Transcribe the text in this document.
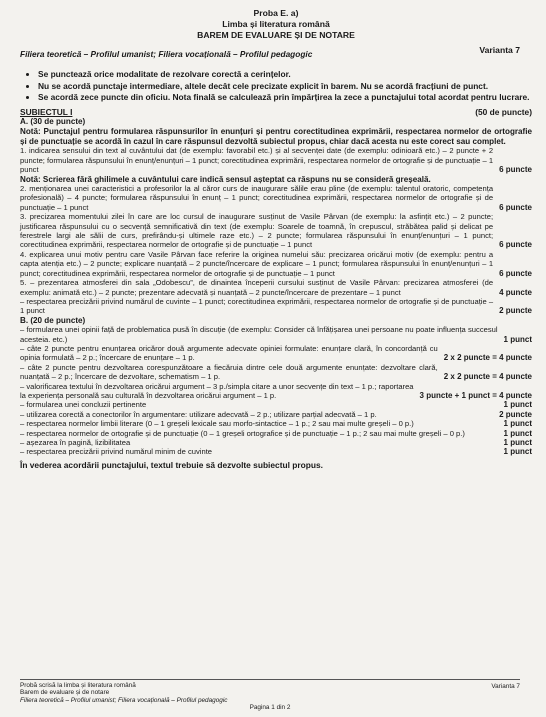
Proba E. a)
Limba și literatura română
BAREM DE EVALUARE ȘI DE NOTARE
Varianta 7
Filiera teoretică – Profilul umanist; Filiera vocațională – Profilul pedagogic
• Se punctează orice modalitate de rezolvare corectă a cerințelor.
• Nu se acordă punctaje intermediare, altele decât cele precizate explicit în barem. Nu se acordă fracțiuni de punct.
• Se acordă zece puncte din oficiu. Nota finală se calculează prin împărțirea la zece a punctajului total acordat pentru lucrare.
SUBIECTUL I	(50 de puncte)
A. (30 de puncte)
Notă: Punctajul pentru formularea răspunsurilor în enunțuri și pentru corectitudinea exprimării, respectarea normelor de ortografie și de punctuație se acordă în cazul în care răspunsul dezvoltă subiectul propus, chiar dacă acesta nu este corect sau complet.
1. indicarea sensului din text al cuvântului dat (de exemplu: favorabil etc.) și al secvenței date (de exemplu: odinioară etc.) – 2 puncte + 2 puncte; formularea răspunsului în enunț/enunțuri – 1 punct; corectitudinea exprimării, respectarea normelor de ortografie și de punctuație – 1 punct	6 puncte
Notă: Scrierea fără ghilimele a cuvântului care indică sensul așteptat ca răspuns nu se consideră greșeală.
2. menționarea unei caracteristici a profesorilor la al căror curs de inaugurare sălile erau pline (de exemplu: talentul oratoric, competența profesională) – 4 puncte; formularea răspunsului în enunț – 1 punct; corectitudinea exprimării, respectarea normelor de ortografie și de punctuație – 1 punct	6 puncte
3. precizarea momentului zilei în care are loc cursul de inaugurare susținut de Vasile Pârvan (de exemplu: la asfințit etc.) – 2 puncte; justificarea răspunsului cu o secvență semnificativă din text (de exemplu: Soarele de toamnă, în crepuscul, străbătea palid și delicat pe ferestrele largi ale sălii de curs, prefirându-și ultimele raze etc.) – 2 puncte; formularea răspunsului în enunț/enunțuri – 1 punct; corectitudinea exprimării, respectarea normelor de ortografie și de punctuație – 1 punct	6 puncte
4. explicarea unui motiv pentru care Vasile Pârvan face referire la originea numelui său: precizarea oricărui motiv (de exemplu: pentru a capta atenția etc.) – 2 puncte; explicare nuanțată – 2 puncte/încercare de explicare – 1 punct; formularea răspunsului în enunț/enunțuri – 1 punct; corectitudinea exprimării, respectarea normelor de ortografie și de punctuație – 1 punct	6 puncte
5. – prezentarea atmosferei din sala „Odobescu”, de dinaintea începerii cursului susținut de Vasile Pârvan: precizarea atmosferei (de exemplu: animată etc.) – 2 puncte; prezentare adecvată și nuanțată – 2 puncte/încercare de prezentare – 1 punct	4 puncte
– respectarea precizării privind numărul de cuvinte – 1 punct; corectitudinea exprimării, respectarea normelor de ortografie și de punctuație – 1 punct	2 puncte
B. (20 de puncte)
– formularea unei opinii față de problematica pusă în discuție (de exemplu: Consider că înfățișarea unei persoane nu poate influența succesul acesteia. etc.)	1 punct
– câte 2 puncte pentru enunțarea oricăror două argumente adecvate opiniei formulate: enunțare clară, în concordanță cu opinia formulată – 2 p.; încercare de enunțare – 1 p.	2 x 2 puncte = 4 puncte
– câte 2 puncte pentru dezvoltarea corespunzătoare a fiecăruia dintre cele două argumente enunțate: dezvoltare clară, nuanțată – 2 p.; încercare de dezvoltare, schematism – 1 p.	2 x 2 puncte = 4 puncte
– valorificarea textului în dezvoltarea oricărui argument – 3 p./simpla citare a unor secvențe din text – 1 p.; raportarea la experiența personală sau culturală în dezvoltarea oricărui argument – 1 p.	3 puncte + 1 punct = 4 puncte
– formularea unei concluzii pertinente	1 punct
– utilizarea corectă a conectorilor în argumentare: utilizare adecvată – 2 p.; utilizare parțial adecvată – 1 p.	2 puncte
– respectarea normelor limbii literare (0 – 1 greșeli lexicale sau morfo-sintactice – 1 p.; 2 sau mai multe greșeli – 0 p.)	1 punct
– respectarea normelor de ortografie și de punctuație (0 – 1 greșeli ortografice și de punctuație – 1 p.; 2 sau mai multe greșeli – 0 p.)	1 punct
– așezarea în pagină, lizibilitatea	1 punct
– respectarea precizării privind numărul minim de cuvinte	1 punct
În vederea acordării punctajului, textul trebuie să dezvolte subiectul propus.
Probă scrisă la limba și literatura română
Barem de evaluare și de notare
Filiera teoretică – Profilul umanist; Filiera vocațională – Profilul pedagogic
Varianta 7
Pagina 1 din 2
